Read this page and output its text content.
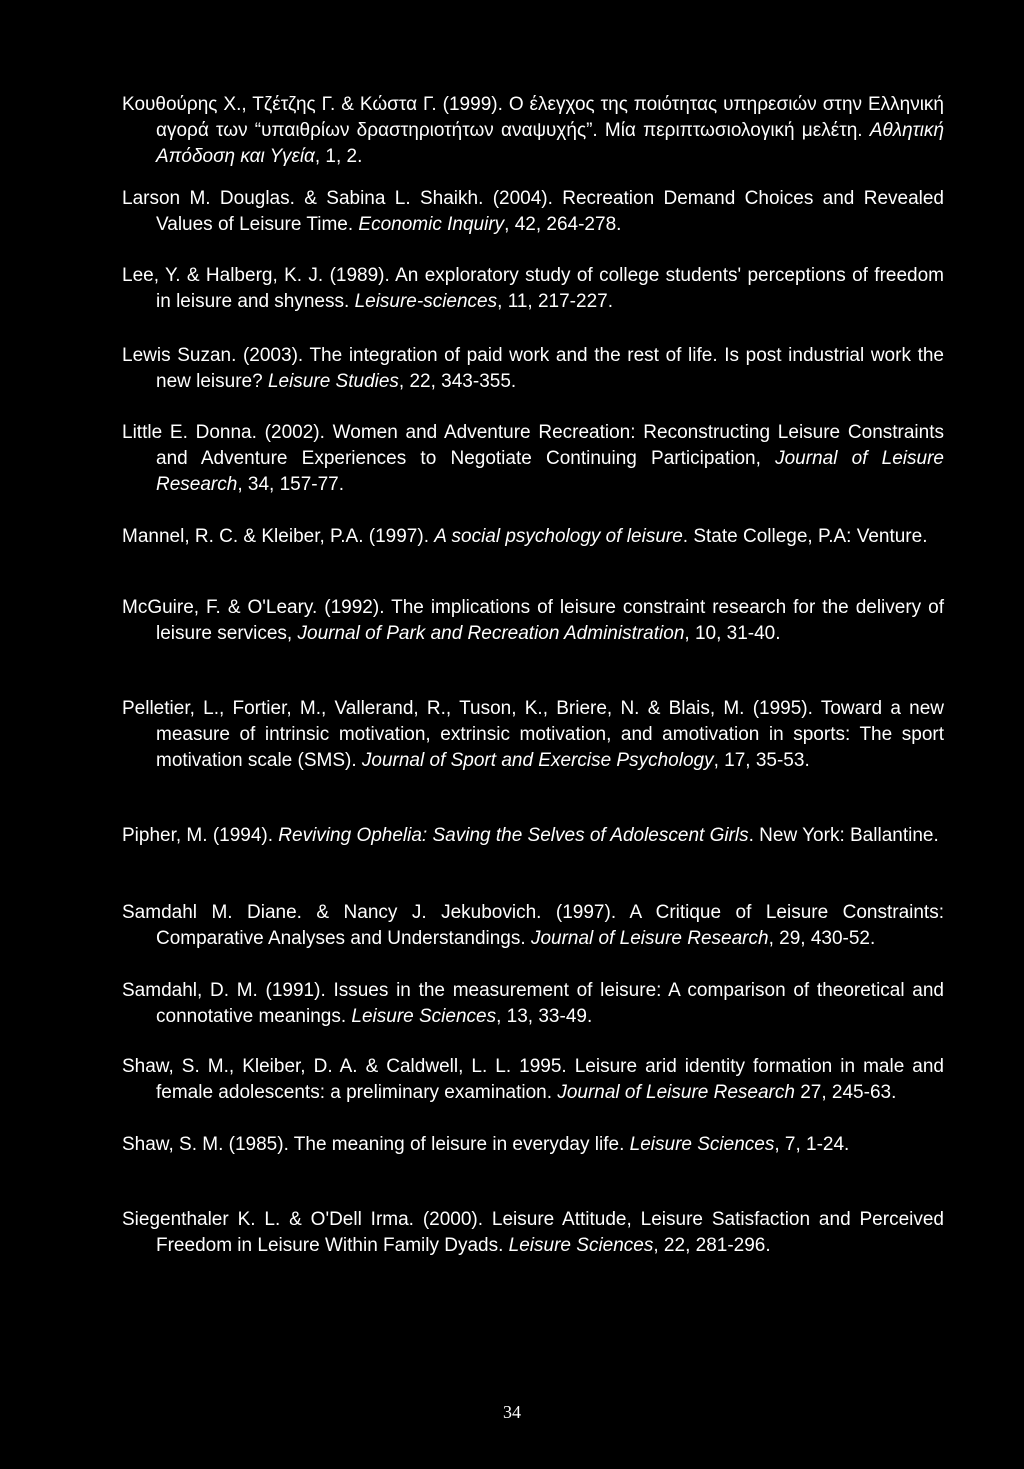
Κουθούρης Χ., Τζέτζης Γ. & Κώστα Γ. (1999). Ο έλεγχος της ποιότητας υπηρεσιών στην Ελληνική αγορά των “υπαιθρίων δραστηριοτήτων αναψυχής”. Μία περιπτωσιολογική μελέτη. Αθλητική Απόδοση και Υγεία, 1, 2.

Larson M. Douglas. & Sabina L. Shaikh. (2004). Recreation Demand Choices and Revealed Values of Leisure Time. Economic Inquiry, 42, 264-278.

Lee, Y. & Halberg, K. J. (1989). An exploratory study of college students' perceptions of freedom in leisure and shyness. Leisure-sciences, 11, 217-227.

Lewis Suzan. (2003). The integration of paid work and the rest of life. Is post industrial work the new leisure? Leisure Studies, 22, 343-355.

Little E. Donna. (2002). Women and Adventure Recreation: Reconstructing Leisure Constraints and Adventure Experiences to Negotiate Continuing Participation, Journal of Leisure Research, 34, 157-77.

Mannel, R. C. & Kleiber, P.A. (1997). A social psychology of leisure. State College, P.A: Venture.

McGuire, F. & O'Leary. (1992). The implications of leisure constraint research for the delivery of leisure services, Journal of Park and Recreation Administration, 10, 31-40.

Pelletier, L., Fortier, M., Vallerand, R., Tuson, K., Briere, N. & Blais, M. (1995). Toward a new measure of intrinsic motivation, extrinsic motivation, and amotivation in sports: The sport motivation scale (SMS). Journal of Sport and Exercise Psychology, 17, 35-53.

Pipher, M. (1994). Reviving Ophelia: Saving the Selves of Adolescent Girls. New York: Ballantine.

Samdahl M. Diane. & Nancy J. Jekubovich. (1997). A Critique of Leisure Constraints: Comparative Analyses and Understandings. Journal of Leisure Research, 29, 430-52.

Samdahl, D. M. (1991). Issues in the measurement of leisure: A comparison of theoretical and connotative meanings. Leisure Sciences, 13, 33-49.

Shaw, S. M., Kleiber, D. A. & Caldwell, L. L. 1995. Leisure arid identity formation in male and female adolescents: a preliminary examination. Journal of Leisure Research 27, 245-63.

Shaw, S. M. (1985). The meaning of leisure in everyday life. Leisure Sciences, 7, 1-24.

Siegenthaler K. L. & O'Dell Irma. (2000). Leisure Attitude, Leisure Satisfaction and Perceived Freedom in Leisure Within Family Dyads. Leisure Sciences, 22, 281-296.

34
